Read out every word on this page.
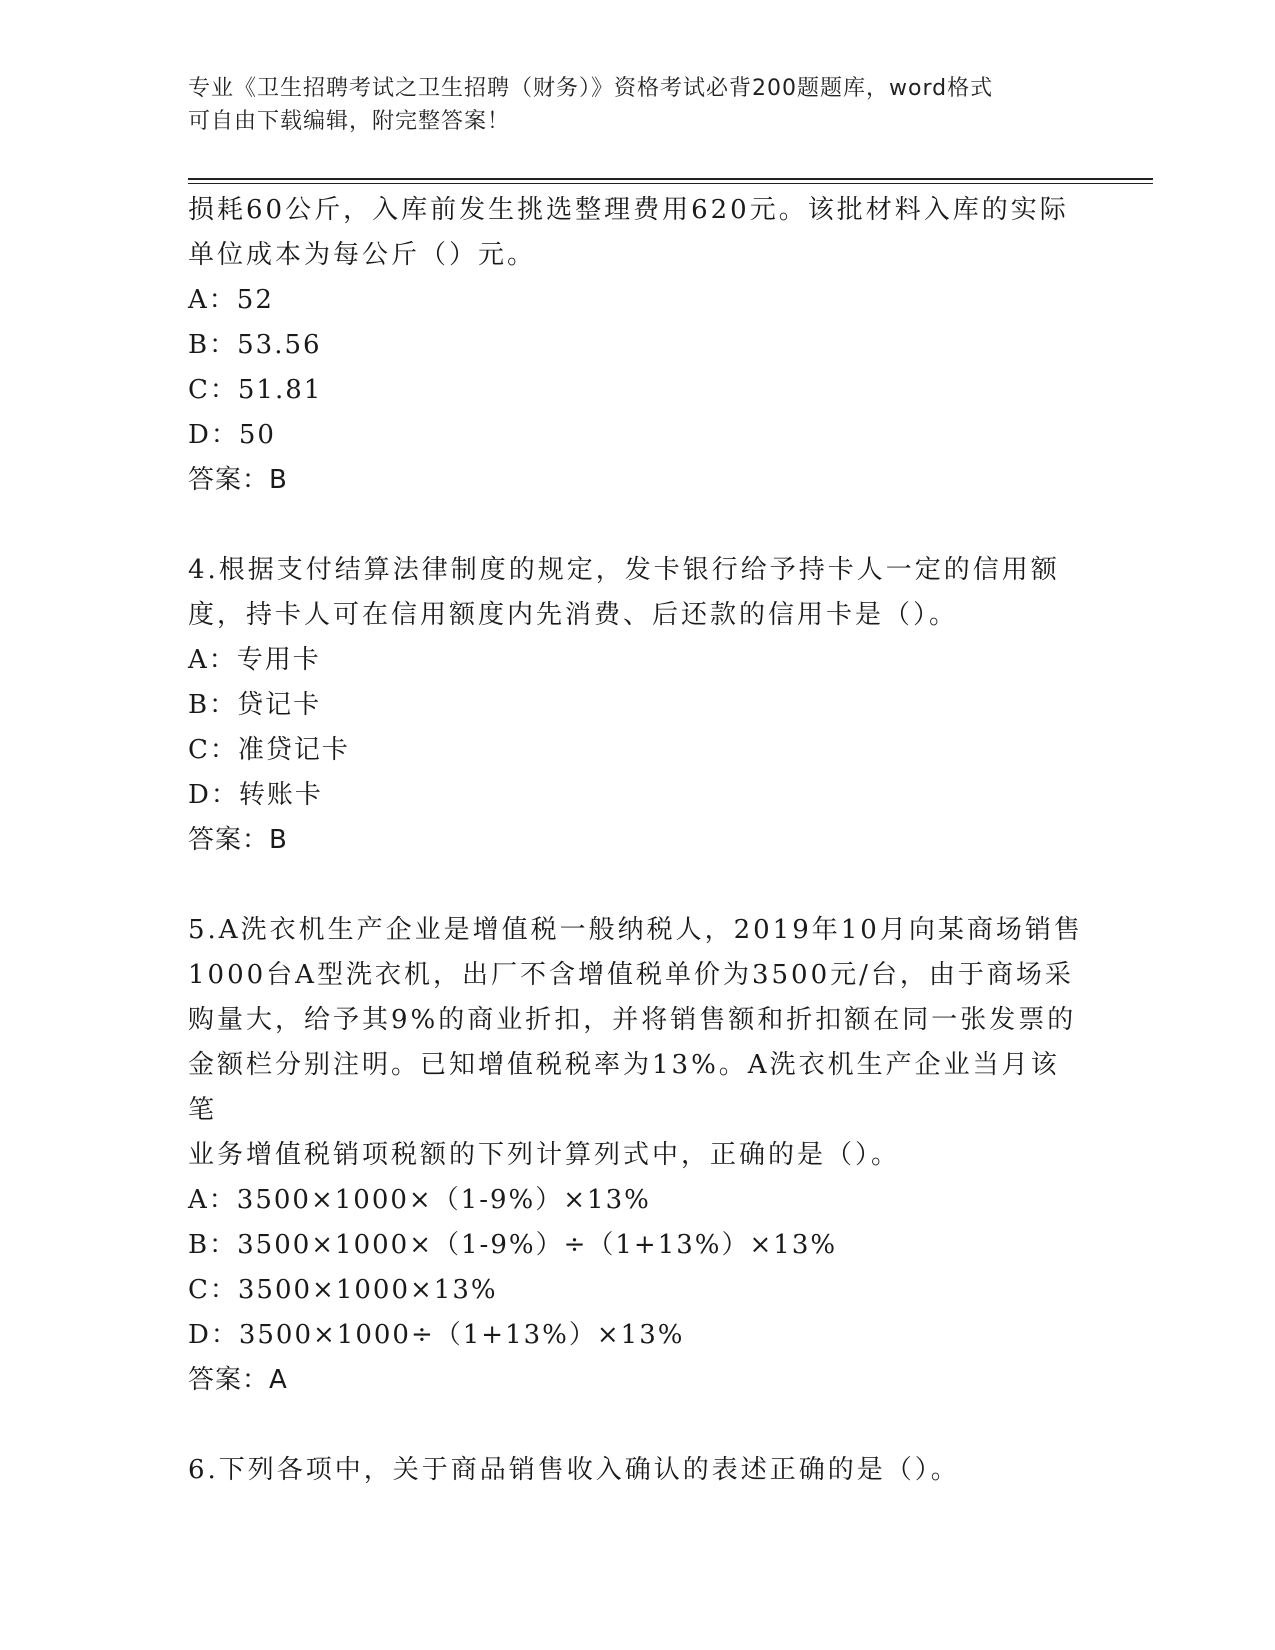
专业《卫生招聘考试之卫生招聘（财务）》资格考试必背200题题库，word格式
可自由下载编辑，附完整答案！

损耗60公斤，入库前发生挑选整理费用620元。该批材料入库的实际

单位成本为每公斤（）元。

A：52

B：53.56

C：51.81

D：50

答案：B

4.根据支付结算法律制度的规定，发卡银行给予持卡人一定的信用额

度，持卡人可在信用额度内先消费、后还款的信用卡是（）。

A：专用卡

B：贷记卡

C：准贷记卡

D：转账卡

答案：B

5.A洗衣机生产企业是增值税一般纳税人，2019年10月向某商场销售

1000台A型洗衣机，出厂不含增值税单价为3500元/台，由于商场采

购量大，给予其9%的商业折扣，并将销售额和折扣额在同一张发票的

金额栏分别注明。已知增值税税率为13%。A洗衣机生产企业当月该笔

业务增值税销项税额的下列计算列式中，正确的是（）。

A：3500×1000×（1-9%）×13%

B：3500×1000×（1-9%）÷（1+13%）×13%

C：3500×1000×13%

D：3500×1000÷（1+13%）×13%

答案：A

6.下列各项中，关于商品销售收入确认的表述正确的是（）。
